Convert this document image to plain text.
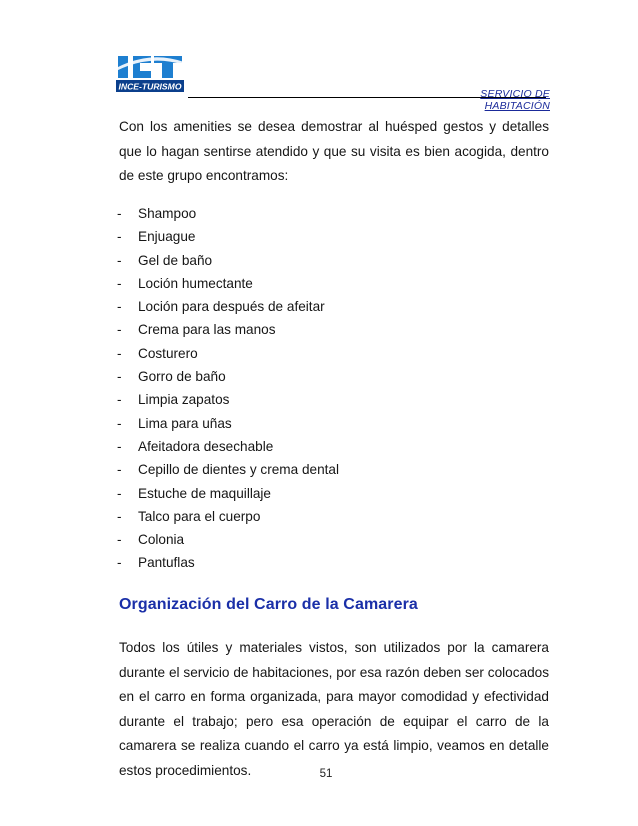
INCE-TURISMO
SERVICIO DE
HABITACIÓN

Con los amenities se desea demostrar al huésped gestos y detalles que lo hagan sentirse atendido y que su visita es bien acogida, dentro de este grupo encontramos:

-	Shampoo
-	Enjuague
-	Gel de baño
-	Loción humectante
-	Loción para después de afeitar
-	Crema para las manos
-	Costurero
-	Gorro de baño
-	Limpia zapatos
-	Lima para uñas
-	Afeitadora desechable
-	Cepillo de dientes y crema dental
-	Estuche de maquillaje
-	Talco para el cuerpo
-	Colonia
-	Pantuflas
Organización del Carro de la Camarera

Todos los útiles y materiales vistos, son utilizados por la camarera durante el servicio de habitaciones, por esa razón deben ser colocados en el carro en forma organizada, para mayor comodidad y efectividad durante el trabajo; pero esa operación de equipar el carro de la camarera se realiza cuando el carro ya está limpio, veamos en detalle estos procedimientos.	51
